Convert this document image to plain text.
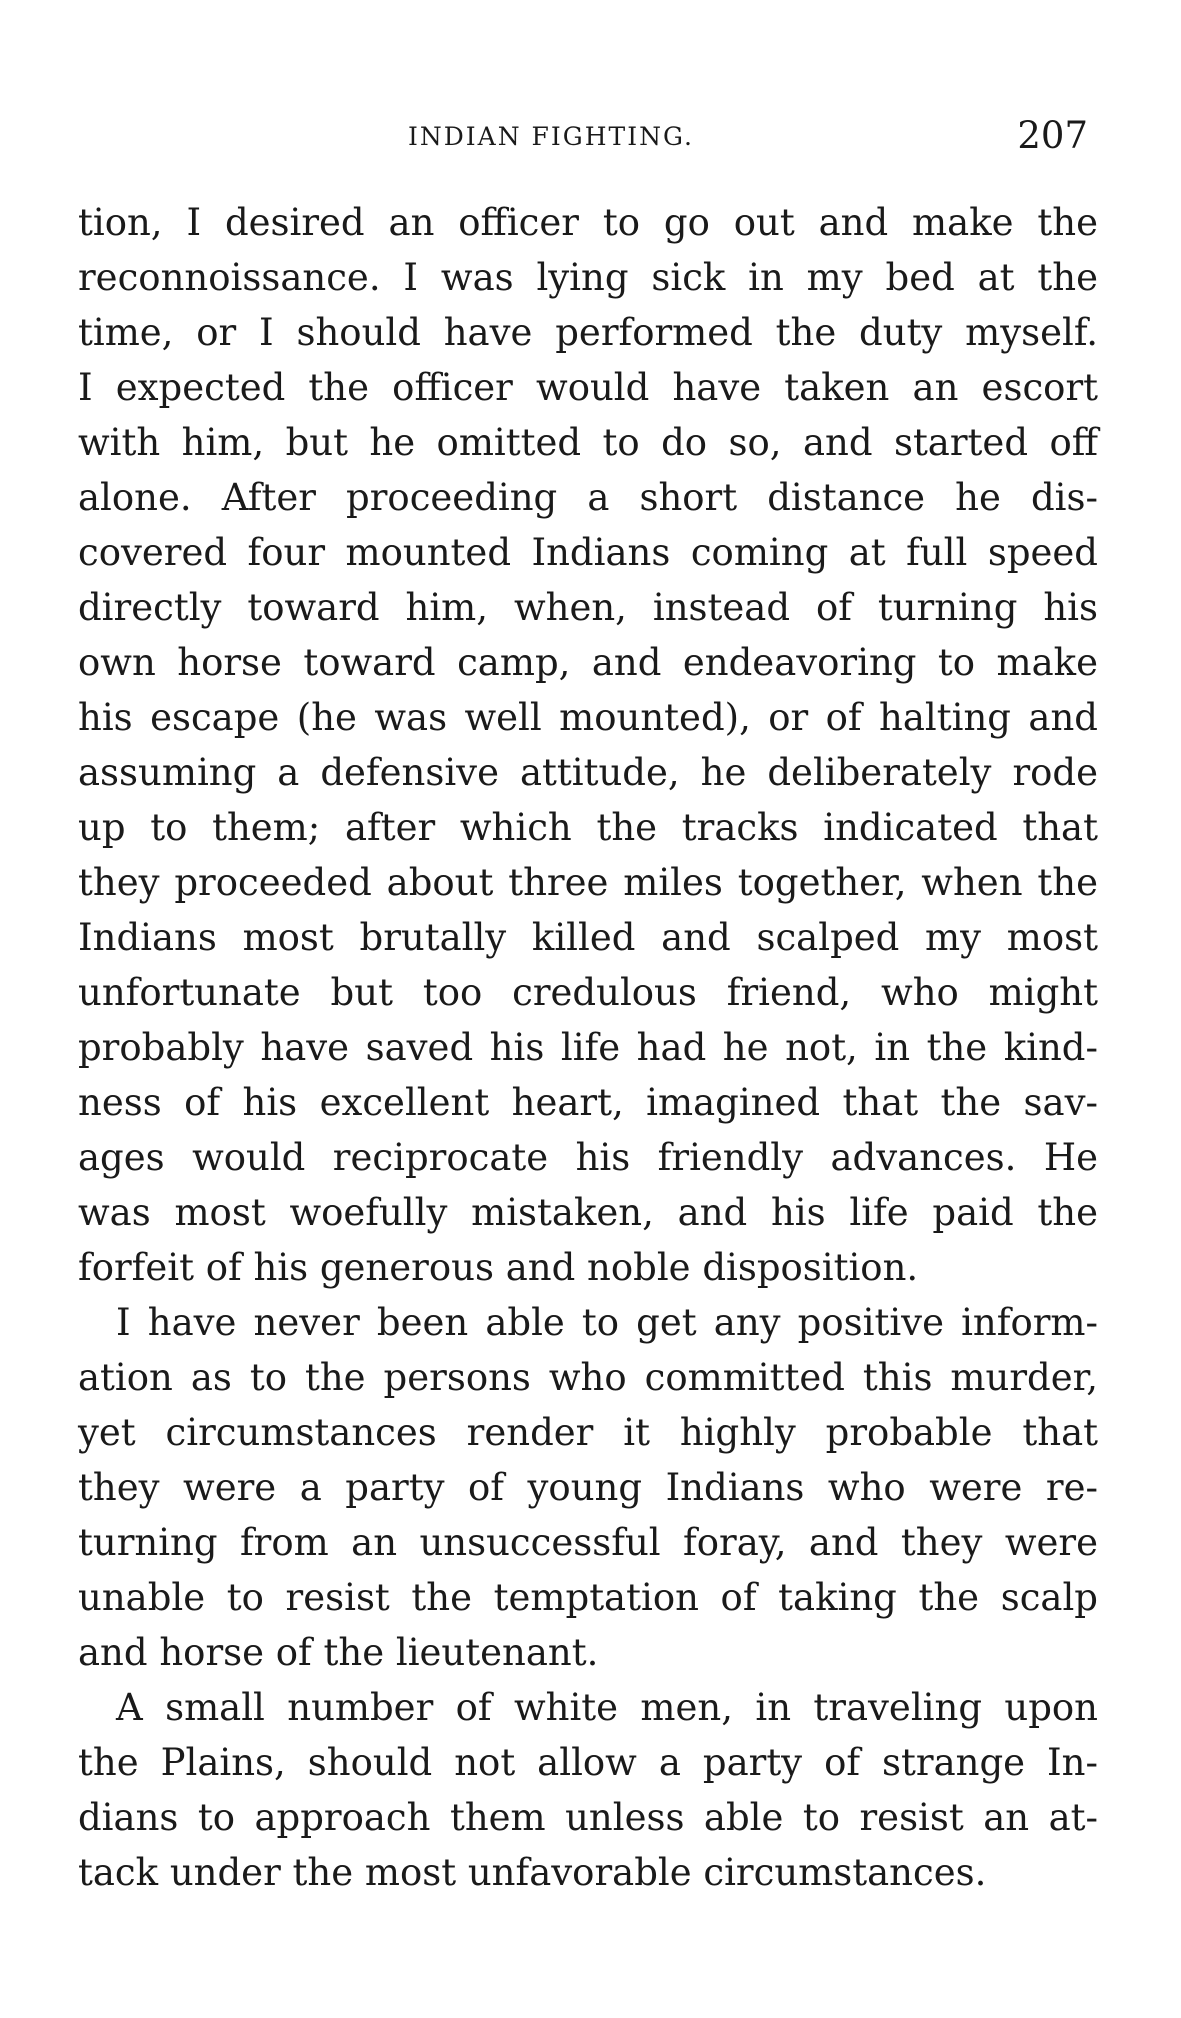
INDIAN FIGHTING.	207
tion, I desired an officer to go out and make the
reconnoissance. I was lying sick in my bed at the
time, or I should have performed the duty myself.
I expected the officer would have taken an escort
with him, but he omitted to do so, and started off
alone. After proceeding a short distance he dis-
covered four mounted Indians coming at full speed
directly toward him, when, instead of turning his
own horse toward camp, and endeavoring to make
his escape (he was well mounted), or of halting and
assuming a defensive attitude, he deliberately rode
up to them; after which the tracks indicated that
they proceeded about three miles together, when the
Indians most brutally killed and scalped my most
unfortunate but too credulous friend, who might
probably have saved his life had he not, in the kind-
ness of his excellent heart, imagined that the sav-
ages would reciprocate his friendly advances. He
was most woefully mistaken, and his life paid the
forfeit of his generous and noble disposition.
I have never been able to get any positive inform-
ation as to the persons who committed this murder,
yet circumstances render it highly probable that
they were a party of young Indians who were re-
turning from an unsuccessful foray, and they were
unable to resist the temptation of taking the scalp
and horse of the lieutenant.
A small number of white men, in traveling upon
the Plains, should not allow a party of strange In-
dians to approach them unless able to resist an at-
tack under the most unfavorable circumstances.
